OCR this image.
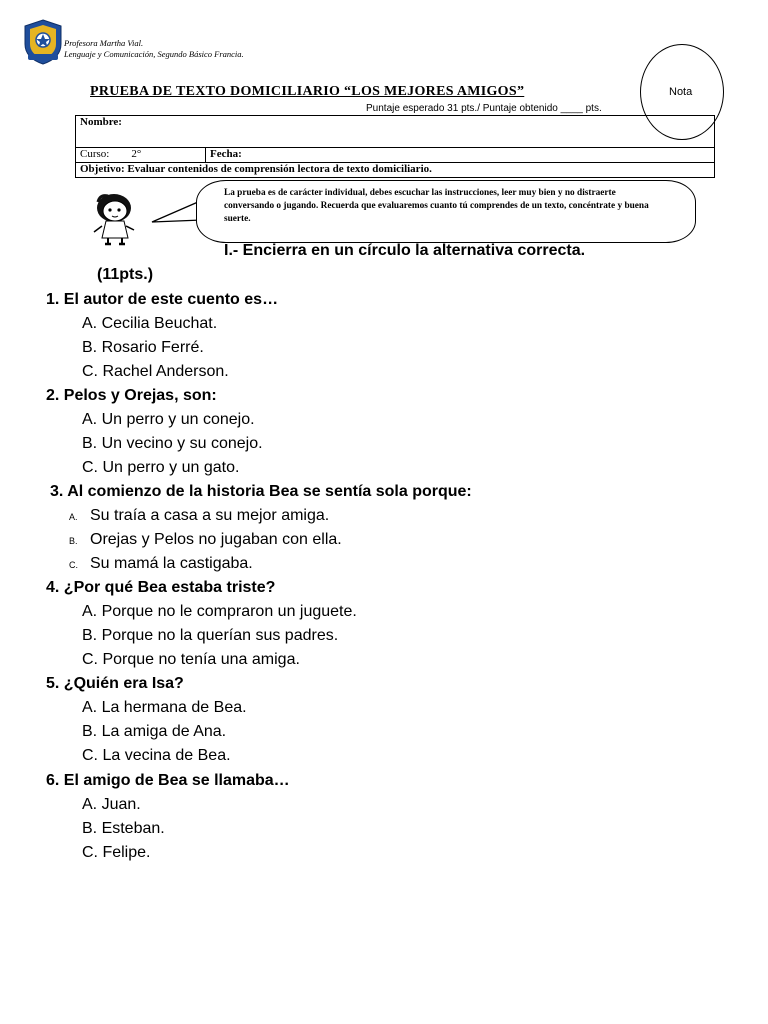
Profesora Martha Vial.
Lenguaje y Comunicación, Segundo Básico Francia.
Nota
PRUEBA DE TEXTO DOMICILIARIO “LOS MEJORES AMIGOS”
Puntaje esperado 31 pts./ Puntaje obtenido ____ pts.
Nombre:
Curso: 2°	Fecha:
Objetivo: Evaluar contenidos de comprensión lectora de texto domiciliario.
La prueba es de carácter individual, debes escuchar las instrucciones, leer muy bien y no distraerte conversando o jugando. Recuerda que evaluaremos cuanto tú comprendes de un texto, concéntrate y buena suerte.
I.- Encierra en un círculo la alternativa correcta.
(11pts.)
1. El autor de este cuento es…
A. Cecilia Beuchat.
B. Rosario Ferré.
C. Rachel Anderson.
2. Pelos y Orejas, son:
A. Un perro y un conejo.
B. Un vecino y su conejo.
C. Un perro y un gato.
3. Al comienzo de la historia Bea se sentía sola porque:
A. Su traía a casa a su mejor amiga.
B. Orejas y Pelos no jugaban con ella.
C. Su mamá la castigaba.
4. ¿Por qué Bea estaba triste?
A. Porque no le compraron un juguete.
B. Porque no la querían sus padres.
C. Porque no tenía una amiga.
5. ¿Quién era Isa?
A. La hermana de Bea.
B. La amiga de Ana.
C. La vecina de Bea.
6. El amigo de Bea se llamaba…
A. Juan.
B. Esteban.
C. Felipe.
